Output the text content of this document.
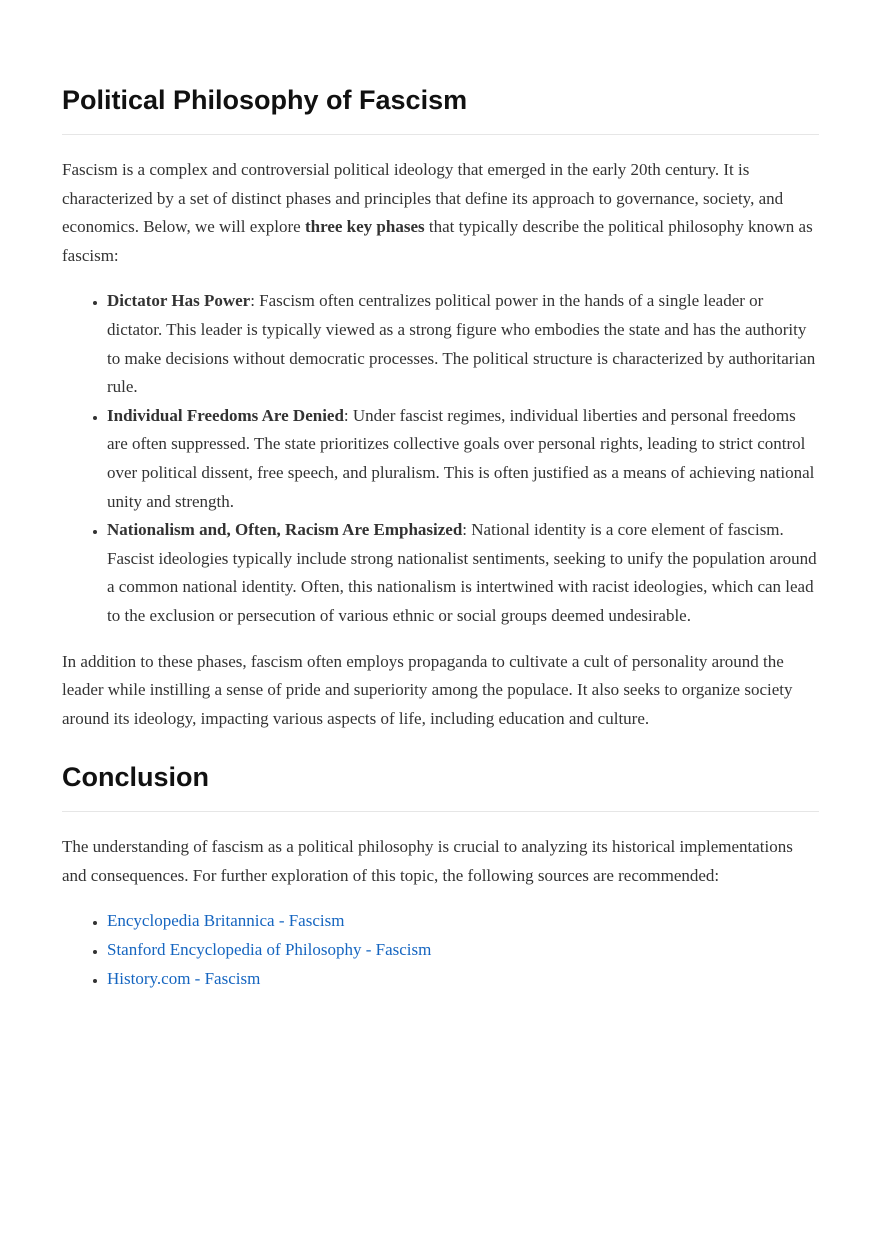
Political Philosophy of Fascism

Fascism is a complex and controversial political ideology that emerged in the early 20th century. It is characterized by a set of distinct phases and principles that define its approach to governance, society, and economics. Below, we will explore three key phases that typically describe the political philosophy known as fascism:

• Dictator Has Power: Fascism often centralizes political power in the hands of a single leader or dictator. This leader is typically viewed as a strong figure who embodies the state and has the authority to make decisions without democratic processes. The political structure is characterized by authoritarian rule.
• Individual Freedoms Are Denied: Under fascist regimes, individual liberties and personal freedoms are often suppressed. The state prioritizes collective goals over personal rights, leading to strict control over political dissent, free speech, and pluralism. This is often justified as a means of achieving national unity and strength.
• Nationalism and, Often, Racism Are Emphasized: National identity is a core element of fascism. Fascist ideologies typically include strong nationalist sentiments, seeking to unify the population around a common national identity. Often, this nationalism is intertwined with racist ideologies, which can lead to the exclusion or persecution of various ethnic or social groups deemed undesirable.

In addition to these phases, fascism often employs propaganda to cultivate a cult of personality around the leader while instilling a sense of pride and superiority among the populace. It also seeks to organize society around its ideology, impacting various aspects of life, including education and culture.

Conclusion

The understanding of fascism as a political philosophy is crucial to analyzing its historical implementations and consequences. For further exploration of this topic, the following sources are recommended:

• Encyclopedia Britannica - Fascism
• Stanford Encyclopedia of Philosophy - Fascism
• History.com - Fascism
